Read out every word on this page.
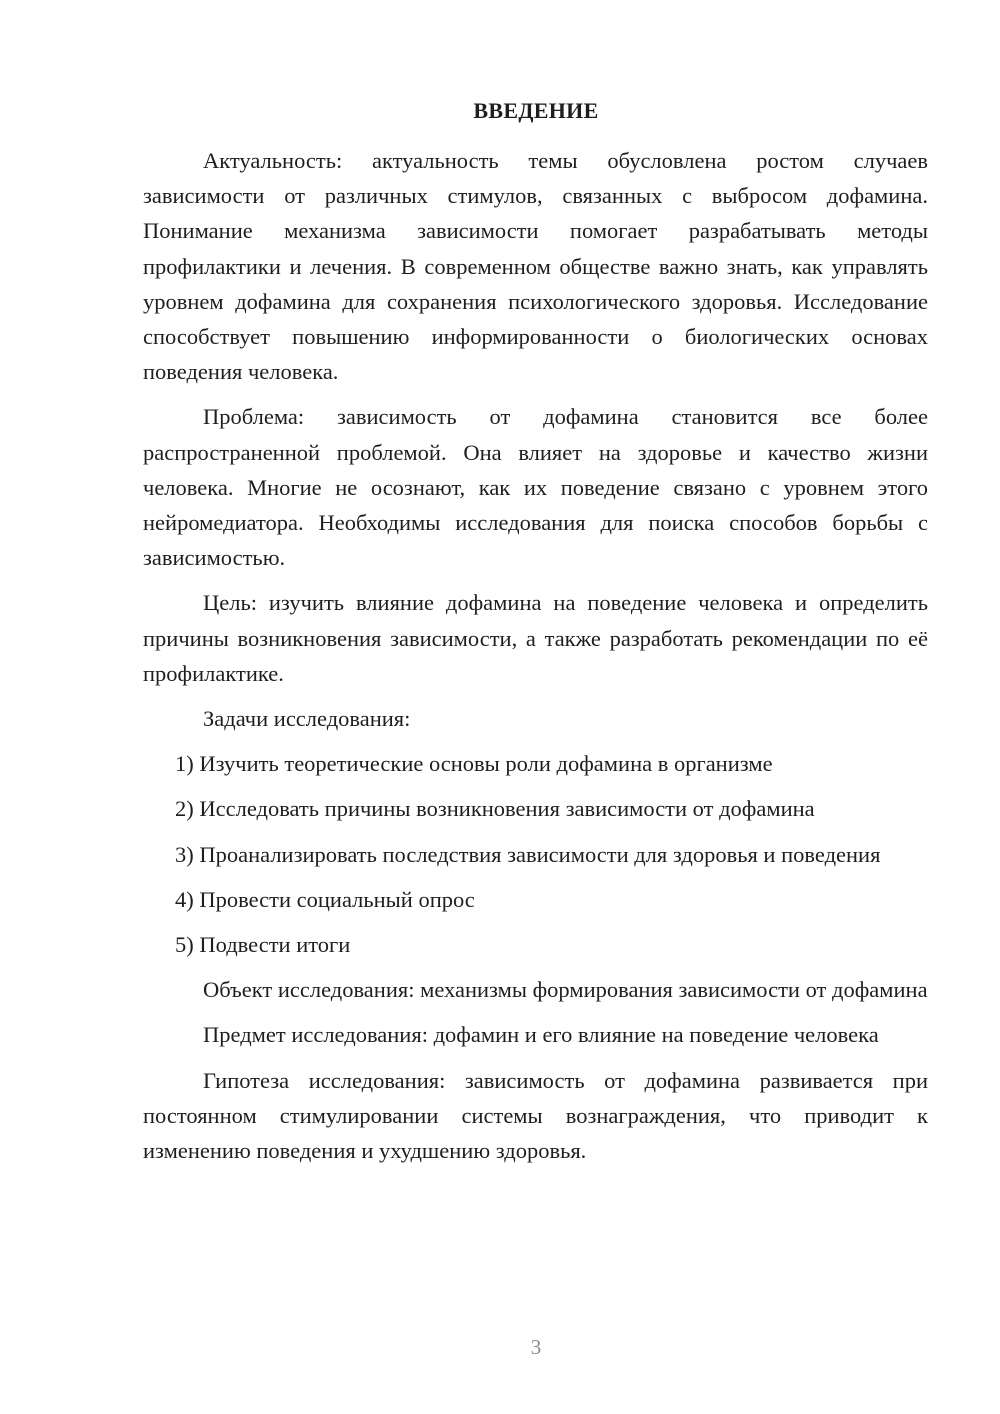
ВВЕДЕНИЕ

Актуальность: актуальность темы обусловлена ростом случаев зависимости от различных стимулов, связанных с выбросом дофамина. Понимание механизма зависимости помогает разрабатывать методы профилактики и лечения. В современном обществе важно знать, как управлять уровнем дофамина для сохранения психологического здоровья. Исследование способствует повышению информированности о биологических основах поведения человека.

Проблема: зависимость от дофамина становится все более распространенной проблемой. Она влияет на здоровье и качество жизни человека. Многие не осознают, как их поведение связано с уровнем этого нейромедиатора. Необходимы исследования для поиска способов борьбы с зависимостью.

Цель: изучить влияние дофамина на поведение человека и определить причины возникновения зависимости, а также разработать рекомендации по её профилактике.

Задачи исследования:

1) Изучить теоретические основы роли дофамина в организме

2) Исследовать причины возникновения зависимости от дофамина

3) Проанализировать последствия зависимости для здоровья и поведения

4) Провести социальный опрос

5) Подвести итоги

Объект исследования: механизмы формирования зависимости от дофамина

Предмет исследования: дофамин и его влияние на поведение человека

Гипотеза исследования: зависимость от дофамина развивается при постоянном стимулировании системы вознаграждения, что приводит к изменению поведения и ухудшению здоровья.

3
